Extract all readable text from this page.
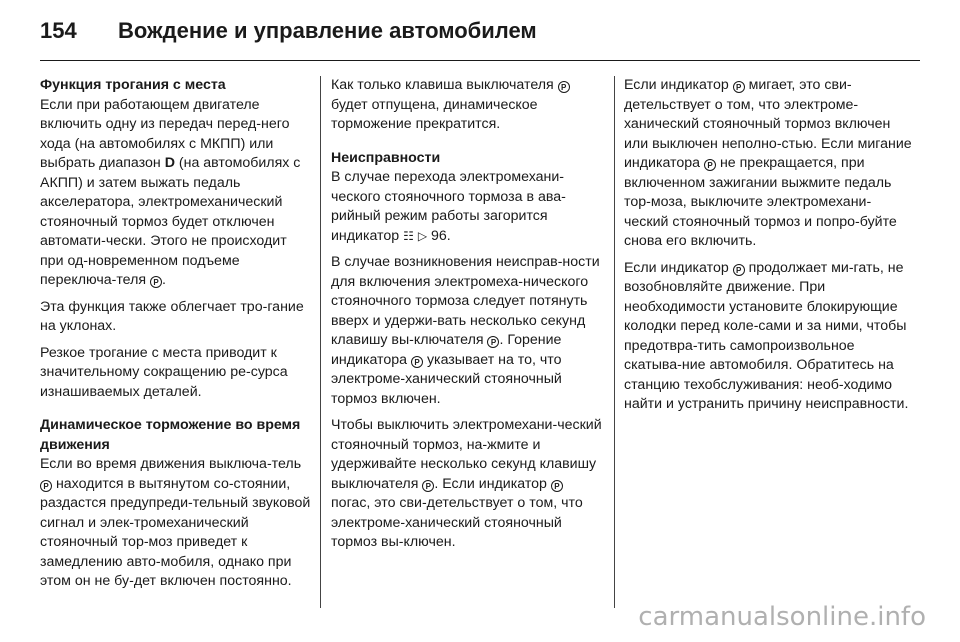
154	Вождение и управление автомобилем
Функция трогания с места

Если при работающем двигателе включить одну из передач перед-него хода (на автомобилях с МКПП) или выбрать диапазон D (на автомобилях с АКПП) и затем выжать педаль акселератора, электромеханический стояночный тормоз будет отключен автомати-чески. Этого не происходит при од-новременном подъеме переключа-теля P .

Эта функция также облегчает тро-гание на уклонах.

Резкое трогание с места приводит к значительному сокращению ре-сурса изнашиваемых деталей.

Динамическое торможение во время движения

Если во время движения выключа-тель P находится в вытянутом со-стоянии, раздастся предупреди-тельный звуковой сигнал и элек-тромеханический стояночный тор-моз приведет к замедлению авто-мобиля, однако при этом он не бу-дет включен постоянно.

Как только клавиша выключателя P будет отпущена, динамическое торможение прекратится.

Неисправности

В случае перехода электромехани-ческого стояночного тормоза в ава-рийный режим работы загорится индикатор ☷ ▷ 96.

В случае возникновения неисправ-ности для включения электромеха-нического стояночного тормоза следует потянуть вверх и удержи-вать несколько секунд клавишу вы-ключателя P . Горение индикатора P указывает на то, что электроме-ханический стояночный тормоз включен.

Чтобы выключить электромехани-ческий стояночный тормоз, на-жмите и удерживайте несколько секунд клавишу выключателя P . Если индикатор P погас, это сви-детельствует о том, что электроме-ханический стояночный тормоз вы-ключен.

Если индикатор P мигает, это сви-детельствует о том, что электроме-ханический стояночный тормоз включен или выключен неполно-стью. Если мигание индикатора P не прекращается, при включенном зажигании выжмите педаль тор-моза, выключите электромехани-ческий стояночный тормоз и попро-буйте снова его включить.

Если индикатор P продолжает ми-гать, не возобновляйте движение. При необходимости установите блокирующие колодки перед коле-сами и за ними, чтобы предотвра-тить самопроизвольное скатыва-ние автомобиля. Обратитесь на станцию техобслуживания: необ-ходимо найти и устранить причину неисправности.

carmanualsonline.info
